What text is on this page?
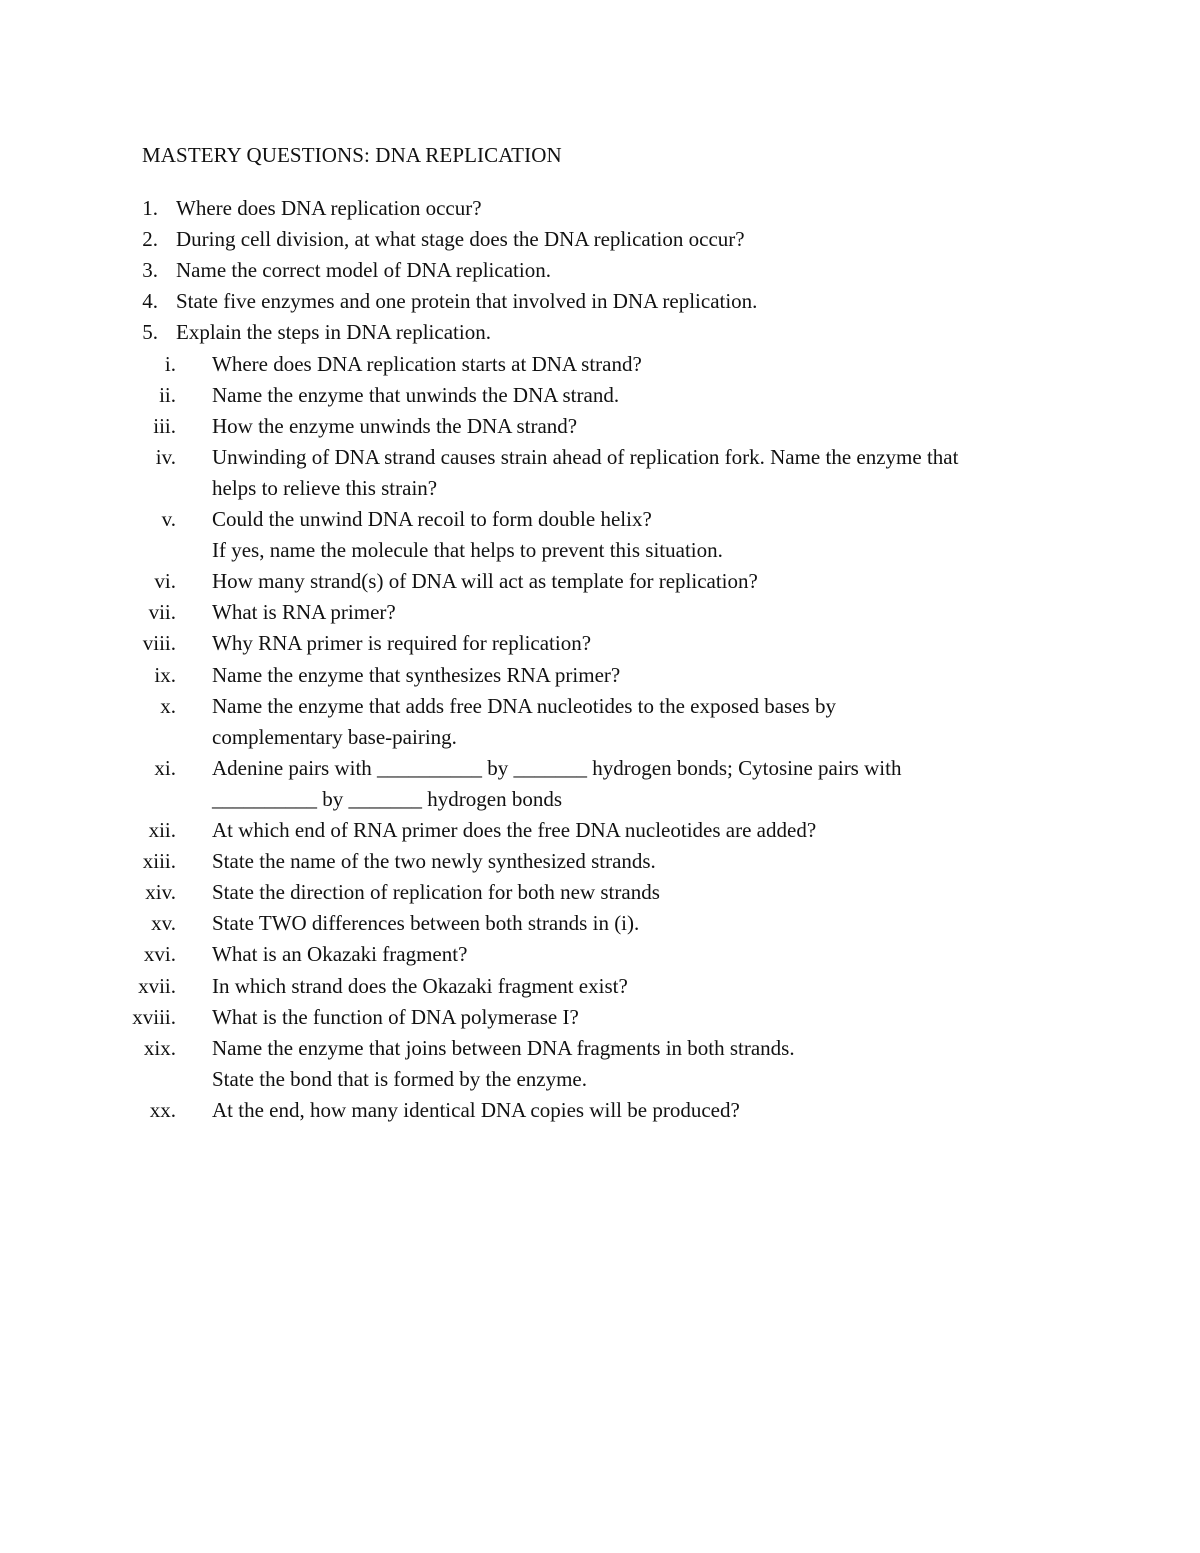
MASTERY QUESTIONS: DNA REPLICATION
1. Where does DNA replication occur?
2. During cell division, at what stage does the DNA replication occur?
3. Name the correct model of DNA replication.
4. State five enzymes and one protein that involved in DNA replication.
5. Explain the steps in DNA replication.
i. Where does DNA replication starts at DNA strand?
ii. Name the enzyme that unwinds the DNA strand.
iii. How the enzyme unwinds the DNA strand?
iv. Unwinding of DNA strand causes strain ahead of replication fork. Name the enzyme that
helps to relieve this strain?
v. Could the unwind DNA recoil to form double helix?
If yes, name the molecule that helps to prevent this situation.
vi. How many strand(s) of DNA will act as template for replication?
vii. What is RNA primer?
viii. Why RNA primer is required for replication?
ix. Name the enzyme that synthesizes RNA primer?
x. Name the enzyme that adds free DNA nucleotides to the exposed bases by
complementary base-pairing.
xi. Adenine pairs with __________ by _______ hydrogen bonds; Cytosine pairs with
__________ by _______ hydrogen bonds
xii. At which end of RNA primer does the free DNA nucleotides are added?
xiii. State the name of the two newly synthesized strands.
xiv. State the direction of replication for both new strands
xv. State TWO differences between both strands in (i).
xvi. What is an Okazaki fragment?
xvii. In which strand does the Okazaki fragment exist?
xviii. What is the function of DNA polymerase I?
xix. Name the enzyme that joins between DNA fragments in both strands.
State the bond that is formed by the enzyme.
xx. At the end, how many identical DNA copies will be produced?
